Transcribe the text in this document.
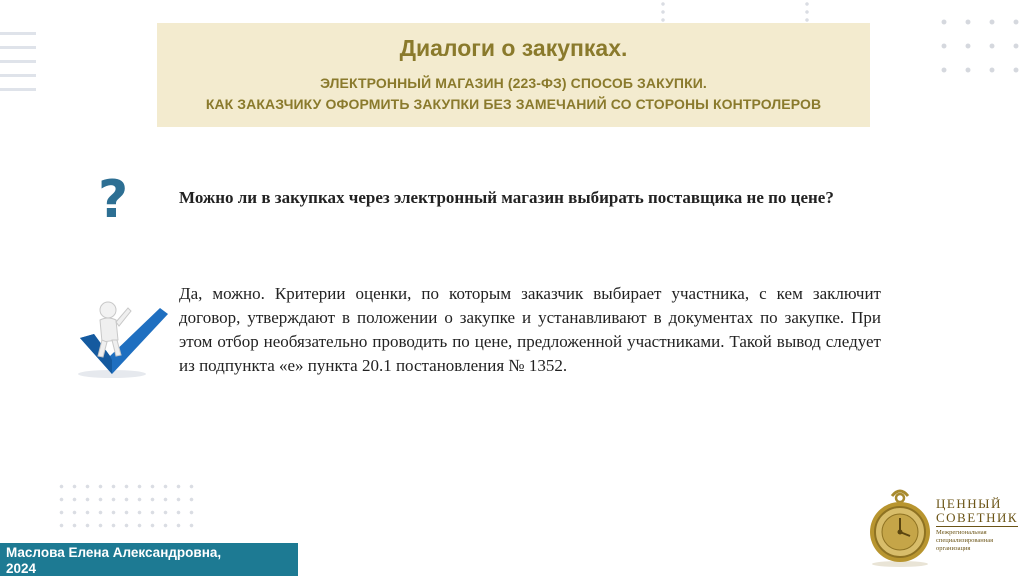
Диалоги о закупках.
ЭЛЕКТРОННЫЙ МАГАЗИН (223-ФЗ) СПОСОБ ЗАКУПКИ.
КАК ЗАКАЗЧИКУ ОФОРМИТЬ ЗАКУПКИ БЕЗ ЗАМЕЧАНИЙ СО СТОРОНЫ КОНТРОЛЕРОВ
?	Можно ли в закупках через электронный магазин выбирать поставщика не по цене?
Да, можно. Критерии оценки, по которым заказчик выбирает участника, с кем заключит договор, утверждают в положении о закупке и устанавливают в документах по закупке. При этом отбор необязательно проводить по цене, предложенной участниками. Такой вывод следует из подпункта «е» пункта 20.1 постановления № 1352.
Маслова Елена Александровна,
2024
ЦЕННЫЙ
СОВЕТНИК
Межрегиональная
специализированная
организация
